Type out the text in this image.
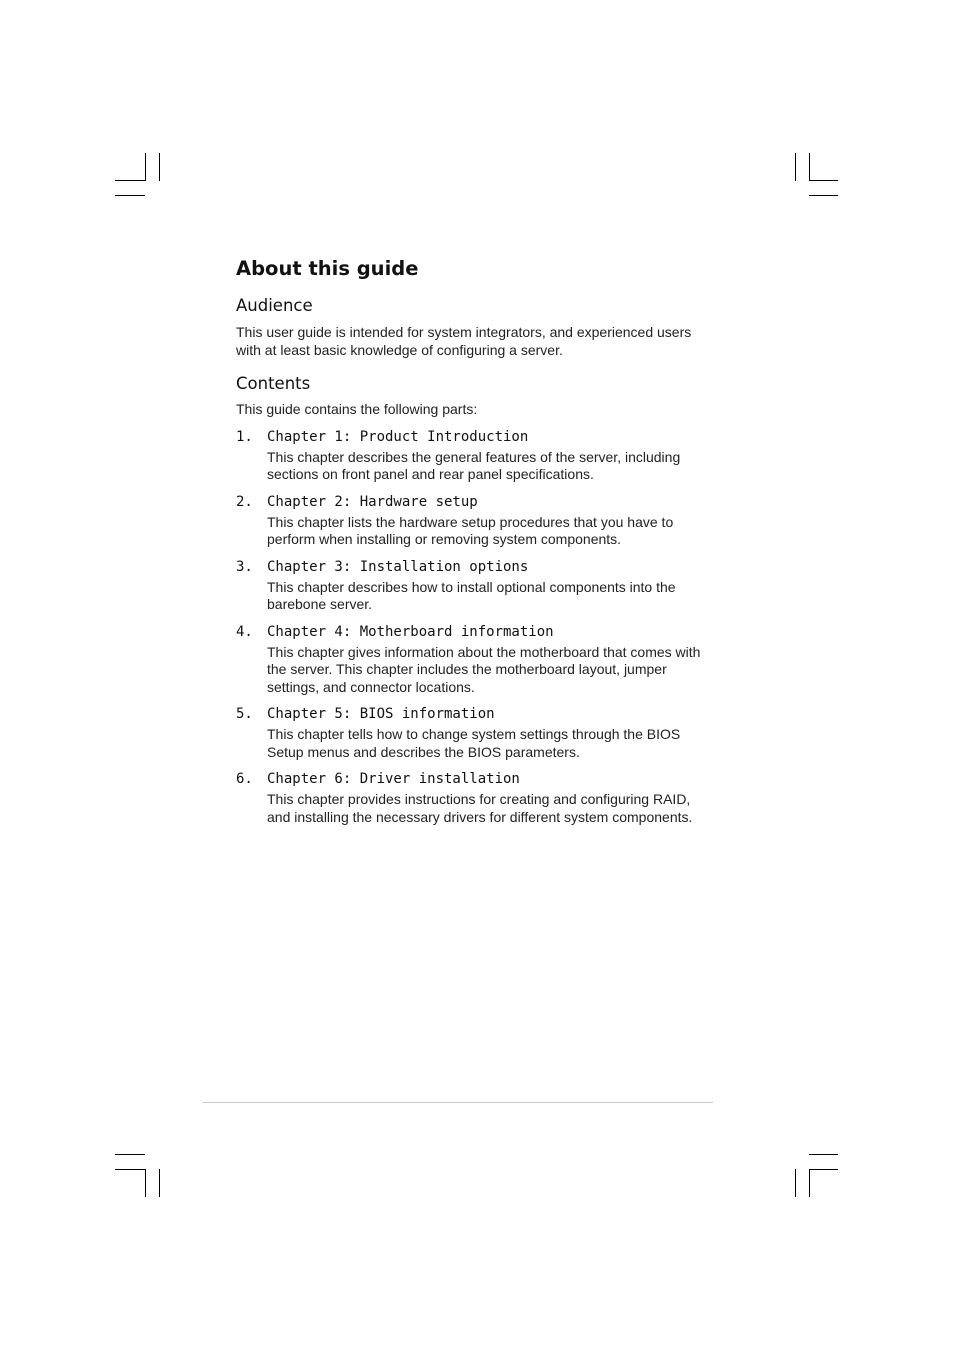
About this guide
Audience

This user guide is intended for system integrators, and experienced users with at least basic knowledge of configuring a server.

Contents

This guide contains the following parts:

1. Chapter 1: Product Introduction

This chapter describes the general features of the server, including sections on front panel and rear panel specifications.

2. Chapter 2: Hardware setup

This chapter lists the hardware setup procedures that you have to perform when installing or removing system components.

3. Chapter 3: Installation options

This chapter describes how to install optional components into the barebone server.

4. Chapter 4: Motherboard information

This chapter gives information about the motherboard that comes with the server. This chapter includes the motherboard layout, jumper settings, and connector locations.

5. Chapter 5: BIOS information

This chapter tells how to change system settings through the BIOS Setup menus and describes the BIOS parameters.

6. Chapter 6: Driver installation

This chapter provides instructions for creating and configuring RAID, and installing the necessary drivers for different system components.
